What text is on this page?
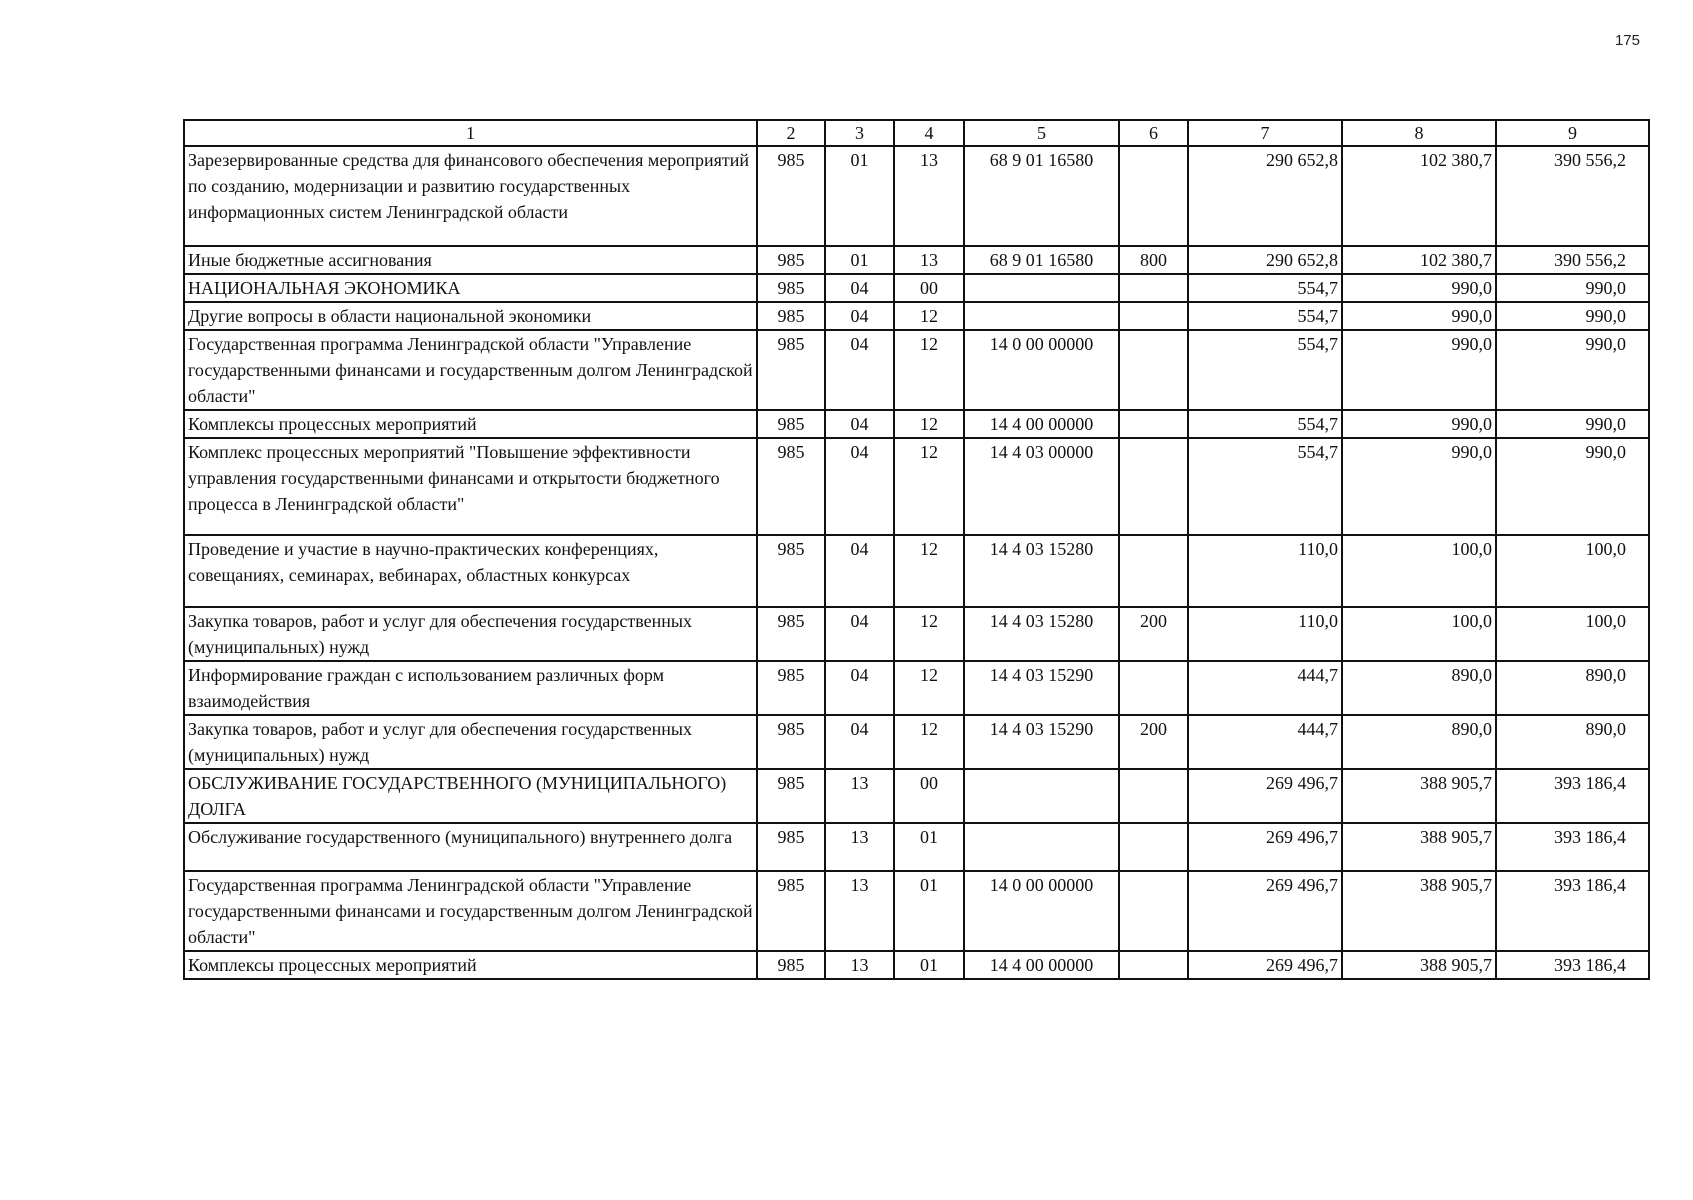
175
1	2	3	4	5	6	7	8	9
Зарезервированные средства для финансового обеспечения мероприятий по созданию, модернизации и развитию государственных информационных систем Ленинградской области	985	01	13	68 9 01 16580		290 652,8	102 380,7	390 556,2
Иные бюджетные ассигнования	985	01	13	68 9 01 16580	800	290 652,8	102 380,7	390 556,2
НАЦИОНАЛЬНАЯ ЭКОНОМИКА	985	04	00			554,7	990,0	990,0
Другие вопросы в области национальной экономики	985	04	12			554,7	990,0	990,0
Государственная программа Ленинградской области "Управление государственными финансами и государственным долгом Ленинградской области"	985	04	12	14 0 00 00000		554,7	990,0	990,0
Комплексы процессных мероприятий	985	04	12	14 4 00 00000		554,7	990,0	990,0
Комплекс процессных мероприятий "Повышение эффективности управления государственными финансами и открытости бюджетного процесса в Ленинградской области"	985	04	12	14 4 03 00000		554,7	990,0	990,0
Проведение и участие в научно-практических конференциях, совещаниях, семинарах, вебинарах, областных конкурсах	985	04	12	14 4 03 15280		110,0	100,0	100,0
Закупка товаров, работ и услуг для обеспечения государственных (муниципальных) нужд	985	04	12	14 4 03 15280	200	110,0	100,0	100,0
Информирование граждан с использованием различных форм взаимодействия	985	04	12	14 4 03 15290		444,7	890,0	890,0
Закупка товаров, работ и услуг для обеспечения государственных (муниципальных) нужд	985	04	12	14 4 03 15290	200	444,7	890,0	890,0
ОБСЛУЖИВАНИЕ ГОСУДАРСТВЕННОГО (МУНИЦИПАЛЬНОГО) ДОЛГА	985	13	00			269 496,7	388 905,7	393 186,4
Обслуживание государственного (муниципального) внутреннего долга	985	13	01			269 496,7	388 905,7	393 186,4
Государственная программа Ленинградской области "Управление государственными финансами и государственным долгом Ленинградской области"	985	13	01	14 0 00 00000		269 496,7	388 905,7	393 186,4
Комплексы процессных мероприятий	985	13	01	14 4 00 00000		269 496,7	388 905,7	393 186,4
